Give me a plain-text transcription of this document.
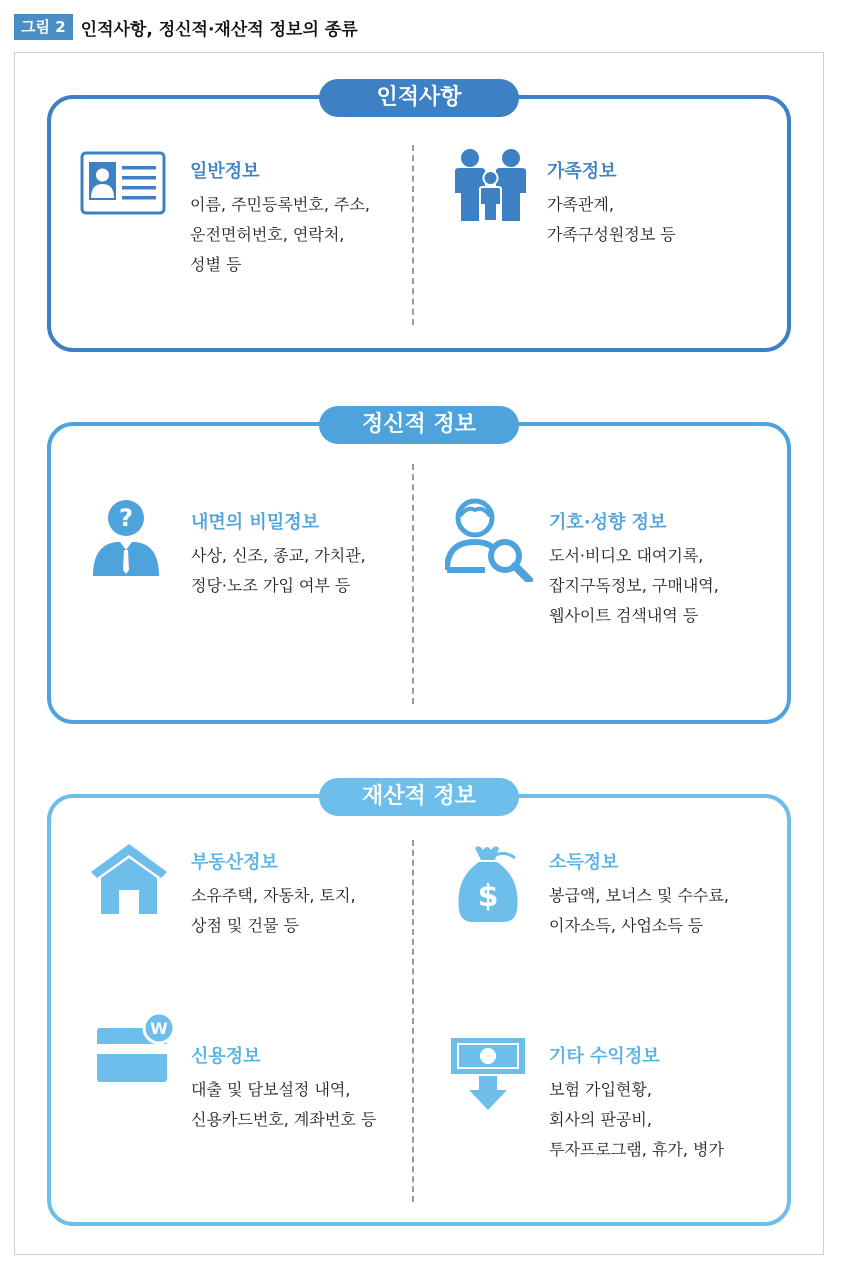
그림 2 인적사항, 정신적·재산적 정보의 종류
인적사항
일반정보

이름, 주민등록번호, 주소,
운전면허번호, 연락처,
성별 등

가족정보

가족관계,
가족구성원정보 등

정신적 정보
?	내면의 비밀정보

사상, 신조, 종교, 가치관,
정당·노조 가입 여부 등

기호·성향 정보

도서·비디오 대여기록,
잡지구독정보, 구매내역,
웹사이트 검색내역 등

재산적 정보
부동산정보

소유주택, 자동차, 토지,
상점 및 건물 등

$
소득정보

봉급액, 보너스 및 수수료,
이자소득, 사업소득 등

W
신용정보

대출 및 담보설정 내역,
신용카드번호, 계좌번호 등

기타 수익정보

보험 가입현황,
회사의 판공비,
투자프로그램, 휴가, 병가
